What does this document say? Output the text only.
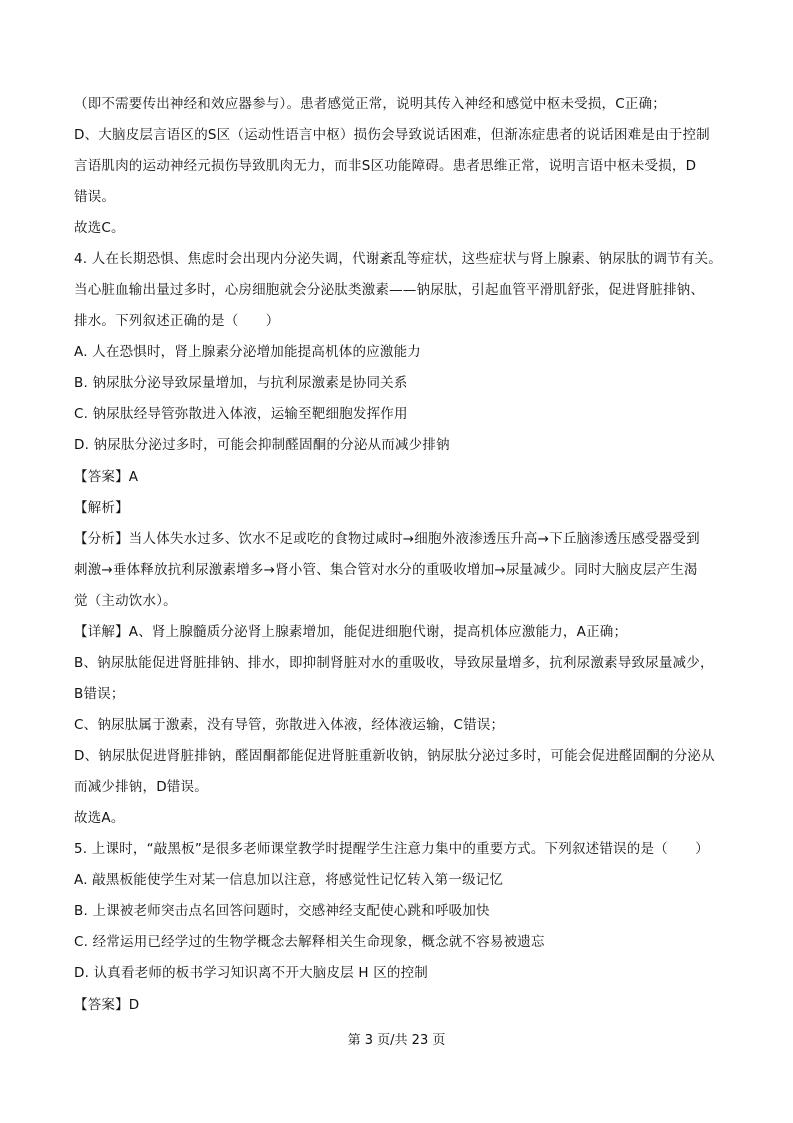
（即不需要传出神经和效应器参与）。患者感觉正常，说明其传入神经和感觉中枢未受损，C正确；
D、大脑皮层言语区的S区（运动性语言中枢）损伤会导致说话困难，但渐冻症患者的说话困难是由于控制
言语肌肉的运动神经元损伤导致肌肉无力，而非S区功能障碍。患者思维正常，说明言语中枢未受损，D
错误。
故选C。
4. 人在长期恐惧、焦虑时会出现内分泌失调，代谢紊乱等症状，这些症状与肾上腺素、钠尿肽的调节有关。
当心脏血输出量过多时，心房细胞就会分泌肽类激素——钠尿肽，引起血管平滑肌舒张，促进肾脏排钠、
排水。下列叙述正确的是（　　）
A. 人在恐惧时，肾上腺素分泌增加能提高机体的应激能力
B. 钠尿肽分泌导致尿量增加，与抗利尿激素是协同关系
C. 钠尿肽经导管弥散进入体液，运输至靶细胞发挥作用
D. 钠尿肽分泌过多时，可能会抑制醛固酮的分泌从而减少排钠
【答案】A
【解析】
【分析】当人体失水过多、饮水不足或吃的食物过咸时→细胞外液渗透压升高→下丘脑渗透压感受器受到
刺激→垂体释放抗利尿激素增多→肾小管、集合管对水分的重吸收增加→尿量减少。同时大脑皮层产生渴
觉（主动饮水）。
【详解】A、肾上腺髓质分泌肾上腺素增加，能促进细胞代谢，提高机体应激能力，A正确；
B、钠尿肽能促进肾脏排钠、排水，即抑制肾脏对水的重吸收，导致尿量增多，抗利尿激素导致尿量减少，
B错误；
C、钠尿肽属于激素，没有导管，弥散进入体液，经体液运输，C错误；
D、钠尿肽促进肾脏排钠，醛固酮都能促进肾脏重新收钠，钠尿肽分泌过多时，可能会促进醛固酮的分泌从
而减少排钠，D错误。
故选A。
5. 上课时，“敲黑板”是很多老师课堂教学时提醒学生注意力集中的重要方式。下列叙述错误的是（　　）
A. 敲黑板能使学生对某一信息加以注意，将感觉性记忆转入第一级记忆
B. 上课被老师突击点名回答问题时，交感神经支配使心跳和呼吸加快
C. 经常运用已经学过的生物学概念去解释相关生命现象，概念就不容易被遗忘
D. 认真看老师的板书学习知识离不开大脑皮层 H 区的控制
【答案】D
第 3 页/共 23 页
